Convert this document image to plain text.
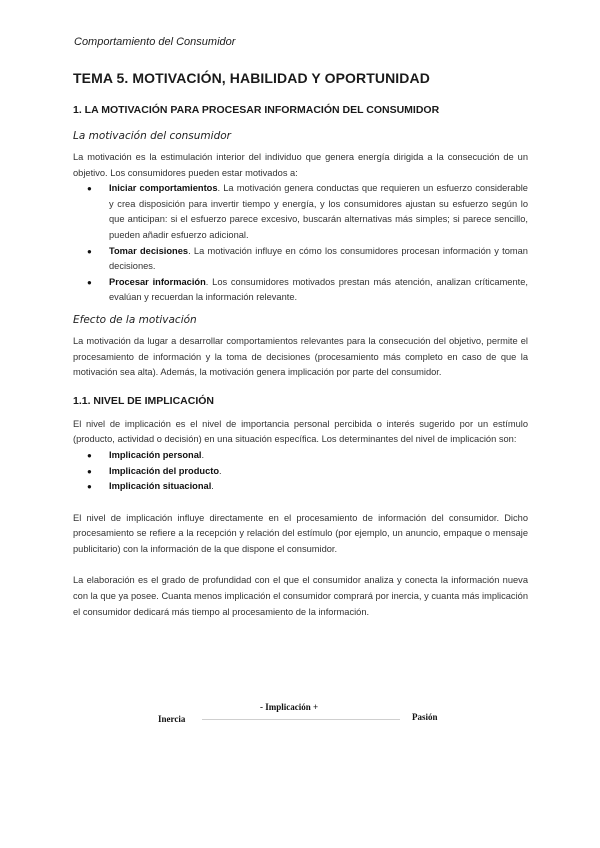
Comportamiento del Consumidor
TEMA 5. MOTIVACIÓN, HABILIDAD Y OPORTUNIDAD
1. LA MOTIVACIÓN PARA PROCESAR INFORMACIÓN DEL CONSUMIDOR
La motivación del consumidor

La motivación es la estimulación interior del individuo que genera energía dirigida a la consecución de un objetivo. Los consumidores pueden estar motivados a:

● Iniciar comportamientos. La motivación genera conductas que requieren un esfuerzo considerable y crea disposición para invertir tiempo y energía, y los consumidores ajustan su esfuerzo según lo que anticipan: si el esfuerzo parece excesivo, buscarán alternativas más simples; si parece sencillo, pueden añadir esfuerzo adicional.
● Tomar decisiones. La motivación influye en cómo los consumidores procesan información y toman decisiones.
● Procesar información. Los consumidores motivados prestan más atención, analizan críticamente, evalúan y recuerdan la información relevante.
Efecto de la motivación

La motivación da lugar a desarrollar comportamientos relevantes para la consecución del objetivo, permite el procesamiento de información y la toma de decisiones (procesamiento más completo en caso de que la motivación sea alta). Además, la motivación genera implicación por parte del consumidor.

1.1. NIVEL DE IMPLICACIÓN

El nivel de implicación es el nivel de importancia personal percibida o interés sugerido por un estímulo (producto, actividad o decisión) en una situación específica. Los determinantes del nivel de implicación son:

● Implicación personal.
● Implicación del producto.
● Implicación situacional.

El nivel de implicación influye directamente en el procesamiento de información del consumidor. Dicho procesamiento se refiere a la recepción y relación del estímulo (por ejemplo, un anuncio, empaque o mensaje publicitario) con la información de la que dispone el consumidor.

La elaboración es el grado de profundidad con el que el consumidor analiza y conecta la información nueva con la que ya posee. Cuanta menos implicación el consumidor comprará por inercia, y cuanta más implicación el consumidor dedicará más tiempo al procesamiento de la información.

- Implicación +
Inercia	Pasión
